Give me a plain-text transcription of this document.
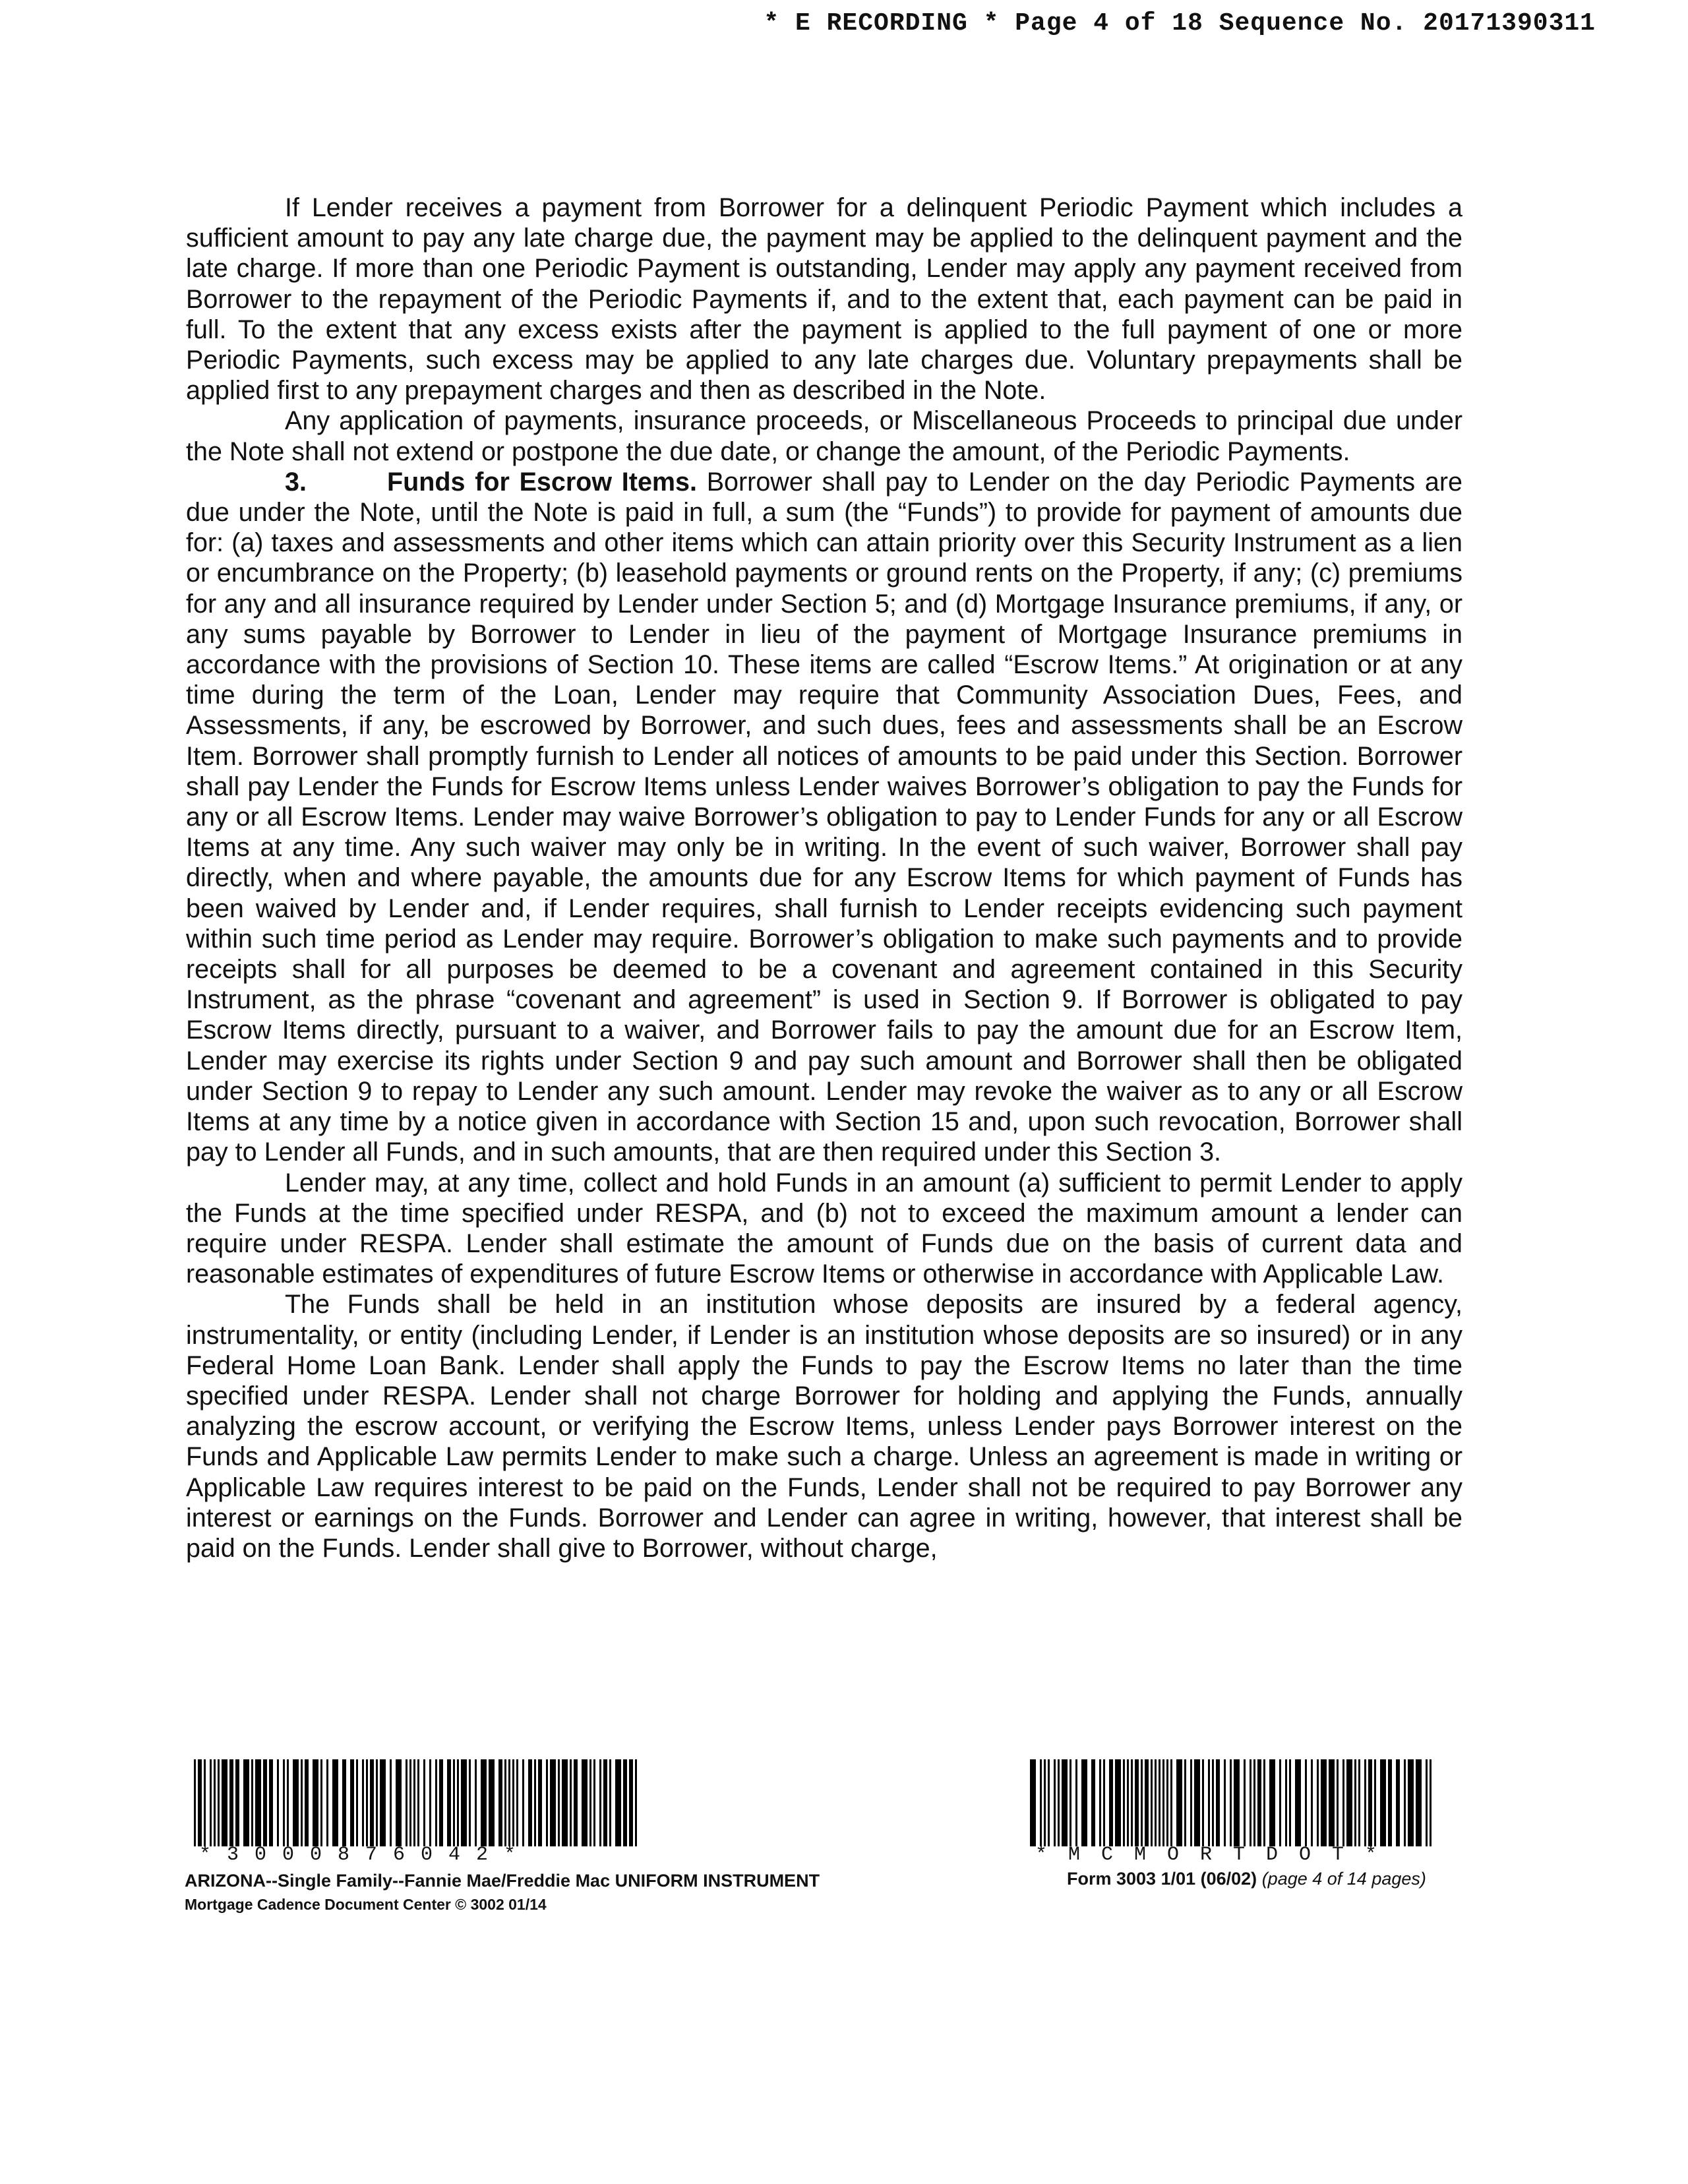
* E RECORDING * Page 4 of 18 Sequence No. 20171390311

If Lender receives a payment from Borrower for a delinquent Periodic Payment which includes a sufficient amount to pay any late charge due, the payment may be applied to the delinquent payment and the late charge. If more than one Periodic Payment is outstanding, Lender may apply any payment received from Borrower to the repayment of the Periodic Payments if, and to the extent that, each payment can be paid in full. To the extent that any excess exists after the payment is applied to the full payment of one or more Periodic Payments, such excess may be applied to any late charges due. Voluntary prepayments shall be applied first to any prepayment charges and then as described in the Note.

Any application of payments, insurance proceeds, or Miscellaneous Proceeds to principal due under the Note shall not extend or postpone the due date, or change the amount, of the Periodic Payments.

3.	Funds for Escrow Items. Borrower shall pay to Lender on the day Periodic Payments are due under the Note, until the Note is paid in full, a sum (the “Funds”) to provide for payment of amounts due for: (a) taxes and assessments and other items which can attain priority over this Security Instrument as a lien or encumbrance on the Property; (b) leasehold payments or ground rents on the Property, if any; (c) premiums for any and all insurance required by Lender under Section 5; and (d) Mortgage Insurance premiums, if any, or any sums payable by Borrower to Lender in lieu of the payment of Mortgage Insurance premiums in accordance with the provisions of Section 10. These items are called “Escrow Items.” At origination or at any time during the term of the Loan, Lender may require that Community Association Dues, Fees, and Assessments, if any, be escrowed by Borrower, and such dues, fees and assessments shall be an Escrow Item. Borrower shall promptly furnish to Lender all notices of amounts to be paid under this Section. Borrower shall pay Lender the Funds for Escrow Items unless Lender waives Borrower’s obligation to pay the Funds for any or all Escrow Items. Lender may waive Borrower’s obligation to pay to Lender Funds for any or all Escrow Items at any time. Any such waiver may only be in writing. In the event of such waiver, Borrower shall pay directly, when and where payable, the amounts due for any Escrow Items for which payment of Funds has been waived by Lender and, if Lender requires, shall furnish to Lender receipts evidencing such payment within such time period as Lender may require. Borrower’s obligation to make such payments and to provide receipts shall for all purposes be deemed to be a covenant and agreement contained in this Security Instrument, as the phrase “covenant and agreement” is used in Section 9. If Borrower is obligated to pay Escrow Items directly, pursuant to a waiver, and Borrower fails to pay the amount due for an Escrow Item, Lender may exercise its rights under Section 9 and pay such amount and Borrower shall then be obligated under Section 9 to repay to Lender any such amount. Lender may revoke the waiver as to any or all Escrow Items at any time by a notice given in accordance with Section 15 and, upon such revocation, Borrower shall pay to Lender all Funds, and in such amounts, that are then required under this Section 3.

Lender may, at any time, collect and hold Funds in an amount (a) sufficient to permit Lender to apply the Funds at the time specified under RESPA, and (b) not to exceed the maximum amount a lender can require under RESPA. Lender shall estimate the amount of Funds due on the basis of current data and reasonable estimates of expenditures of future Escrow Items or otherwise in accordance with Applicable Law.

The Funds shall be held in an institution whose deposits are insured by a federal agency, instrumentality, or entity (including Lender, if Lender is an institution whose deposits are so insured) or in any Federal Home Loan Bank. Lender shall apply the Funds to pay the Escrow Items no later than the time specified under RESPA. Lender shall not charge Borrower for holding and applying the Funds, annually analyzing the escrow account, or verifying the Escrow Items, unless Lender pays Borrower interest on the Funds and Applicable Law permits Lender to make such a charge. Unless an agreement is made in writing or Applicable Law requires interest to be paid on the Funds, Lender shall not be required to pay Borrower any interest or earnings on the Funds. Borrower and Lender can agree in writing, however, that interest shall be paid on the Funds. Lender shall give to Borrower, without charge,

*3000876042*	*MCMORTDOT*
ARIZONA--Single Family--Fannie Mae/Freddie Mac UNIFORM INSTRUMENT
Mortgage Cadence Document Center © 3002 01/14
Form 3003 1/01 (06/02) (page 4 of 14 pages)
